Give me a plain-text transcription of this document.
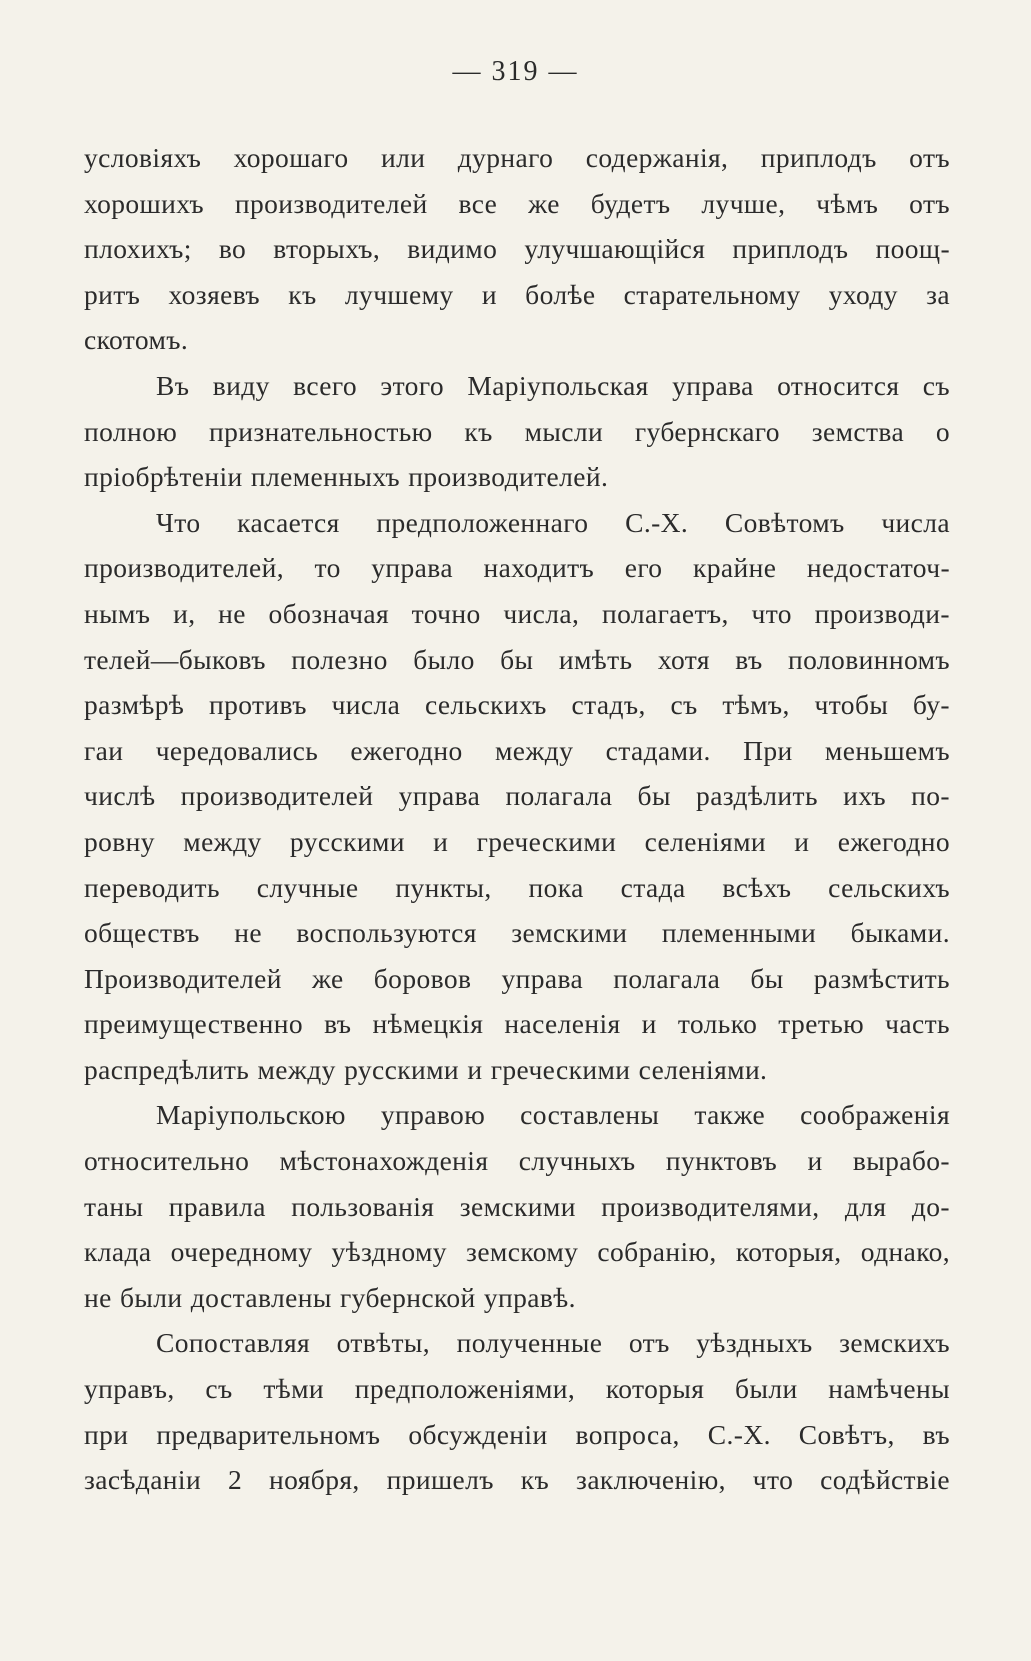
— 319 —
условіяхъ хорошаго или дурнаго содержанія, приплодъ отъ
хорошихъ производителей все же будетъ лучше, чѣмъ отъ
плохихъ; во вторыхъ, видимо улучшающійся приплодъ поощ-
ритъ хозяевъ къ лучшему и болѣе старательному уходу за
скотомъ.
Въ виду всего этого Маріупольская управа относится съ
полною признательностью къ мысли губернскаго земства о
пріобрѣтеніи племенныхъ производителей.
Что касается предположеннаго С.-Х. Совѣтомъ числа
производителей, то управа находитъ его крайне недостаточ-
нымъ и, не обозначая точно числа, полагаетъ, что производи-
телей—быковъ полезно было бы имѣть хотя въ половинномъ
размѣрѣ противъ числа сельскихъ стадъ, съ тѣмъ, чтобы бу-
гаи чередовались ежегодно между стадами. При меньшемъ
числѣ производителей управа полагала бы раздѣлить ихъ по-
ровну между русскими и греческими селеніями и ежегодно
переводить случные пункты, пока стада всѣхъ сельскихъ
обществъ не воспользуются земскими племенными быками.
Производителей же боровов управа полагала бы размѣстить
преимущественно въ нѣмецкія населенія и только третью часть
распредѣлить между русскими и греческими селеніями.
Маріупольскою управою составлены также соображенія
относительно мѣстонахожденія случныхъ пунктовъ и вырабо-
таны правила пользованія земскими производителями, для до-
клада очередному уѣздному земскому собранію, которыя, однако,
не были доставлены губернской управѣ.
Сопоставляя отвѣты, полученные отъ уѣздныхъ земскихъ
управъ, съ тѣми предположеніями, которыя были намѣчены
при предварительномъ обсужденіи вопроса, С.-Х. Совѣтъ, въ
засѣданіи 2 ноября, пришелъ къ заключенію, что содѣйствіе
